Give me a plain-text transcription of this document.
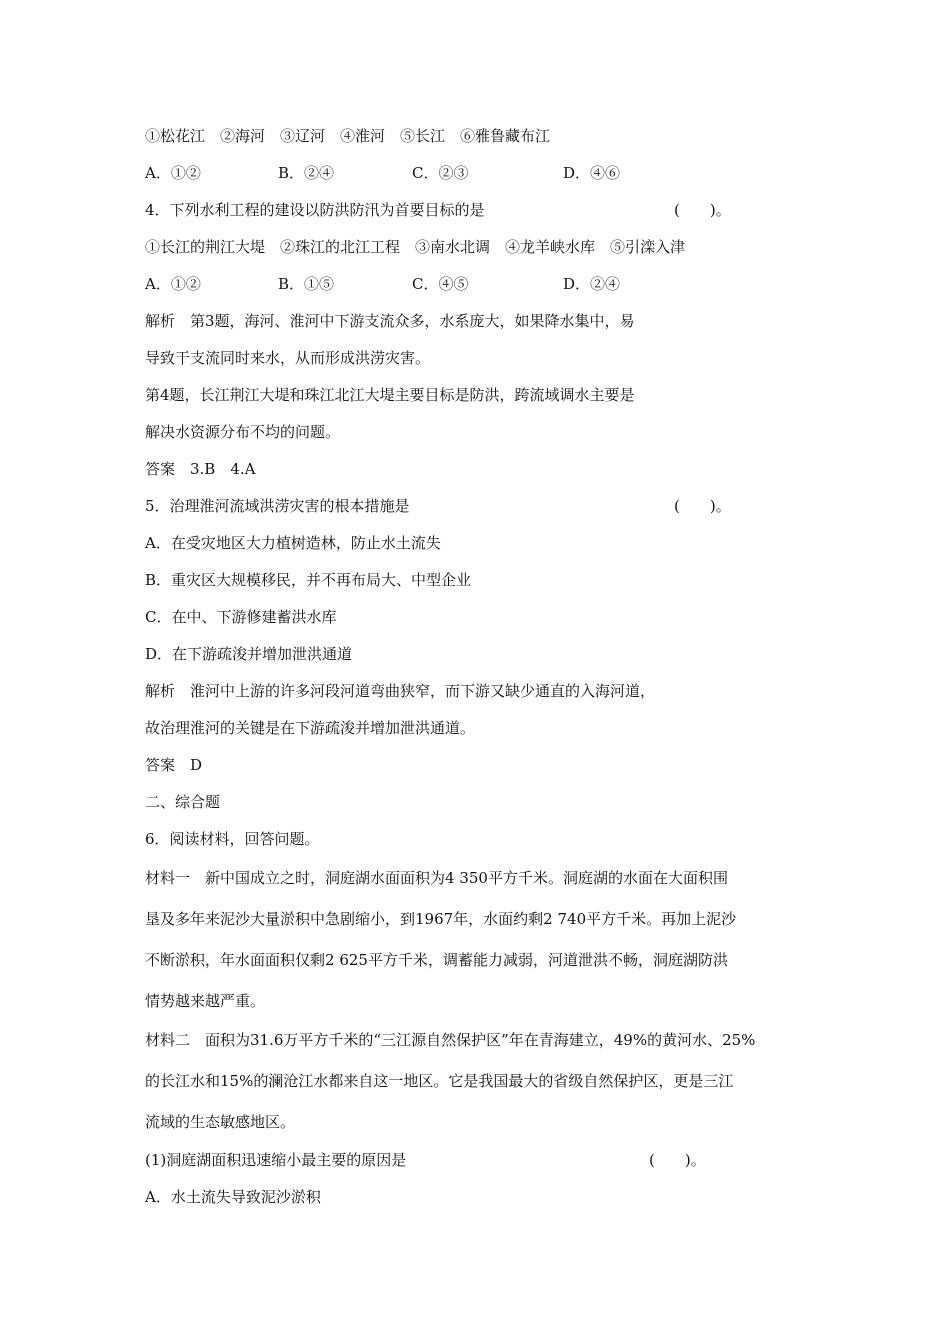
①松花江　②海河　③辽河　④淮河　⑤长江　⑥雅鲁藏布江
A．①②	B．②④	C．②③	D．④⑥
4．下列水利工程的建设以防洪防汛为首要目标的是	(　　)。
①长江的荆江大堤　②珠江的北江工程　③南水北调　④龙羊峡水库　⑤引滦入津
A．①②	B．①⑤	C．④⑤	D．②④
解析　第3题，海河、淮河中下游支流众多，水系庞大，如果降水集中，易
导致干支流同时来水，从而形成洪涝灾害。
第4题，长江荆江大堤和珠江北江大堤主要目标是防洪，跨流域调水主要是
解决水资源分布不均的问题。
答案　3.B　4.A
5．治理淮河流域洪涝灾害的根本措施是	(　　)。
A．在受灾地区大力植树造林，防止水土流失
B．重灾区大规模移民，并不再布局大、中型企业
C．在中、下游修建蓄洪水库
D．在下游疏浚并增加泄洪通道
解析　淮河中上游的许多河段河道弯曲狭窄，而下游又缺少通直的入海河道，
故治理淮河的关键是在下游疏浚并增加泄洪通道。
答案　D
二、综合题
6．阅读材料，回答问题。
材料一　新中国成立之时，洞庭湖水面面积为4 350平方千米。洞庭湖的水面在大面积围
垦及多年来泥沙大量淤积中急剧缩小，到1967年，水面约剩2 740平方千米。再加上泥沙
不断淤积，年水面面积仅剩2 625平方千米，调蓄能力减弱，河道泄洪不畅，洞庭湖防洪
情势越来越严重。
材料二　面积为31.6万平方千米的“三江源自然保护区”年在青海建立，49%的黄河水、25%
的长江水和15%的澜沧江水都来自这一地区。它是我国最大的省级自然保护区，更是三江
流域的生态敏感地区。
(1)洞庭湖面积迅速缩小最主要的原因是	(　　)。
A．水土流失导致泥沙淤积
